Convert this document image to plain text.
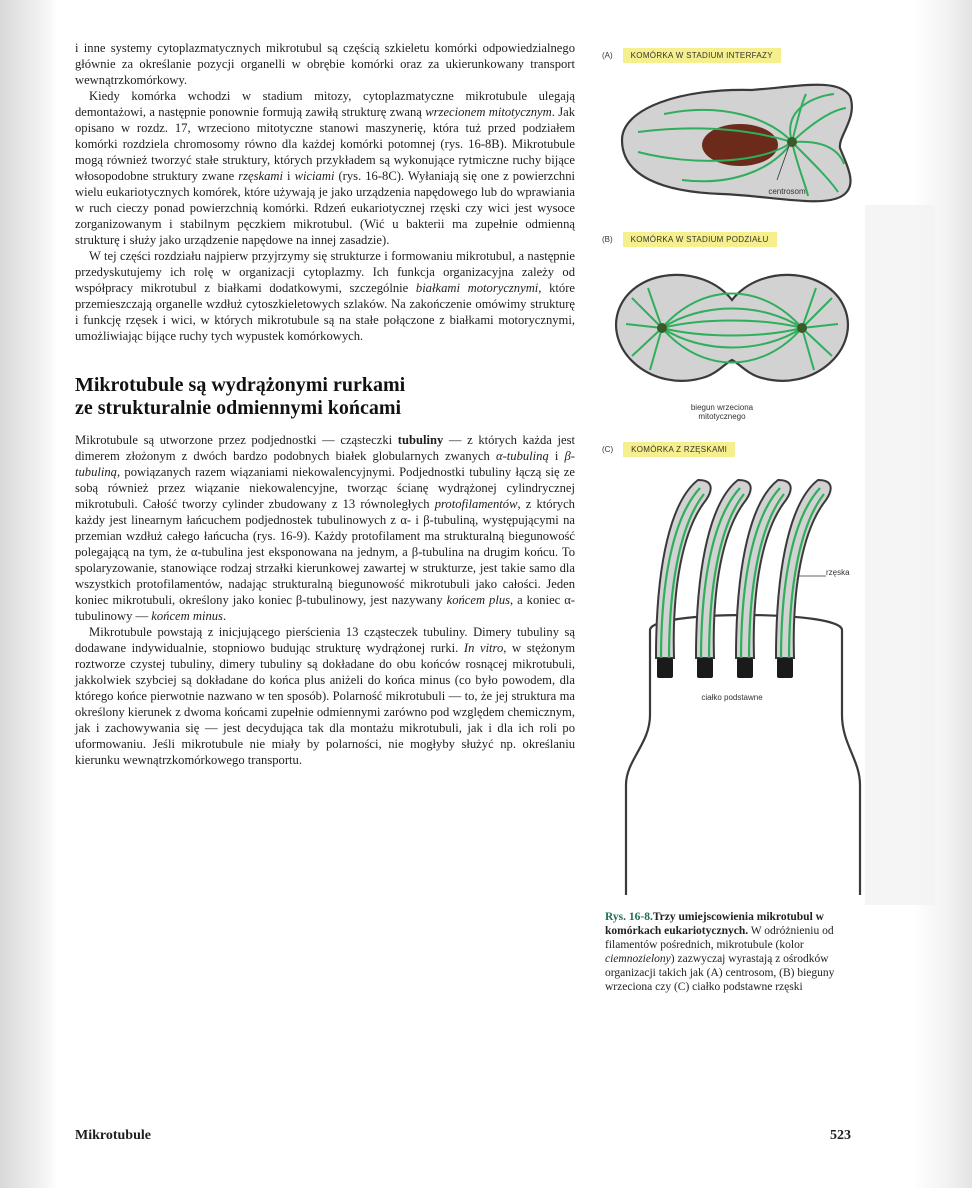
i inne systemy cytoplazmatycznych mikrotubul są częścią szkieletu komórki odpowiedzialnego głównie za określanie pozycji organelli w obrębie komórki oraz za ukierunkowany transport wewnątrzkomórkowy.

Kiedy komórka wchodzi w stadium mitozy, cytoplazmatyczne mikrotubule ulegają demontażowi, a następnie ponownie formują zawiłą strukturę zwaną wrzecionem mitotycznym. Jak opisano w rozdz. 17, wrzeciono mitotyczne stanowi maszynerię, która tuż przed podziałem komórki rozdziela chromosomy równo dla każdej komórki potomnej (rys. 16-8B). Mikrotubule mogą również tworzyć stałe struktury, których przykładem są wykonujące rytmiczne ruchy bijące włosopodobne struktury zwane rzęskami i wiciami (rys. 16-8C). Wyłaniają się one z powierzchni wielu eukariotycznych komórek, które używają je jako urządzenia napędowego lub do wprawiania w ruch cieczy ponad powierzchnią komórki. Rdzeń eukariotycznej rzęski czy wici jest wysoce zorganizowanym i stabilnym pęczkiem mikrotubul. (Wić u bakterii ma zupełnie odmienną strukturę i służy jako urządzenie napędowe na innej zasadzie).

W tej części rozdziału najpierw przyjrzymy się strukturze i formowaniu mikrotubul, a następnie przedyskutujemy ich rolę w organizacji cytoplazmy. Ich funkcja organizacyjna zależy od współpracy mikrotubul z białkami dodatkowymi, szczególnie białkami motorycznymi, które przemieszczają organelle wzdłuż cytoszkieletowych szlaków. Na zakończenie omówimy strukturę i funkcję rzęsek i wici, w których mikrotubule są na stałe połączone z białkami motorycznymi, umożliwiając bijące ruchy tych wypustek komórkowych.

Mikrotubule są wydrążonymi rurkami
ze strukturalnie odmiennymi końcami

Mikrotubule są utworzone przez podjednostki — cząsteczki tubuliny — z których każda jest dimerem złożonym z dwóch bardzo podobnych białek globularnych zwanych α-tubuliną i β-tubuliną, powiązanych razem wiązaniami niekowalencyjnymi. Podjednostki tubuliny łączą się ze sobą również przez wiązanie niekowalencyjne, tworząc ścianę wydrążonej cylindrycznej mikrotubuli. Całość tworzy cylinder zbudowany z 13 równoległych protofilamentów, z których każdy jest linearnym łańcuchem podjednostek tubulinowych z α- i β-tubuliną, występującymi na przemian wzdłuż całego łańcucha (rys. 16-9). Każdy protofilament ma strukturalną biegunowość polegającą na tym, że α-tubulina jest eksponowana na jednym, a β-tubulina na drugim końcu. To spolaryzowanie, stanowiące rodzaj strzałki kierunkowej zawartej w strukturze, jest takie samo dla wszystkich protofilamentów, nadając strukturalną biegunowość mikrotubuli jako całości. Jeden koniec mikrotubuli, określony jako koniec β-tubulinowy, jest nazywany końcem plus, a koniec α-tubulinowy — końcem minus.

Mikrotubule powstają z inicjującego pierścienia 13 cząsteczek tubuliny. Dimery tubuliny są dodawane indywidualnie, stopniowo budując strukturę wydrążonej rurki. In vitro, w stężonym roztworze czystej tubuliny, dimery tubuliny są dokładane do obu końców rosnącej mikrotubuli, jakkolwiek szybciej są dokładane do końca plus aniżeli do końca minus (co było powodem, dla którego końce pierwotnie nazwano w ten sposób). Polarność mikrotubuli — to, że jej struktura ma określony kierunek z dwoma końcami zupełnie odmiennymi zarówno pod względem chemicznym, jak i zachowywania się — jest decydująca tak dla montażu mikrotubuli, jak i dla ich roli po uformowaniu. Jeśli mikrotubule nie miały by polarności, nie mogłyby służyć np. określaniu kierunku wewnątrzkomórkowego transportu.

(A) KOMÓRKA W STADIUM INTERFAZY
centrosom
(B) KOMÓRKA W STADIUM PODZIAŁU
biegun wrzeciona
mitotycznego
(C) KOMÓRKA Z RZĘSKAMI
rzęska
ciałko podstawne
Rys. 16-8.Trzy umiejscowienia mikrotubul w komórkach eukariotycznych. W odróżnieniu od filamentów pośrednich, mikrotubule (kolor ciemnozielony) zazwyczaj wyrastają z ośrodków organizacji takich jak (A) centrosom, (B) bieguny wrzeciona czy (C) ciałko podstawne rzęski
Mikrotubule	523
